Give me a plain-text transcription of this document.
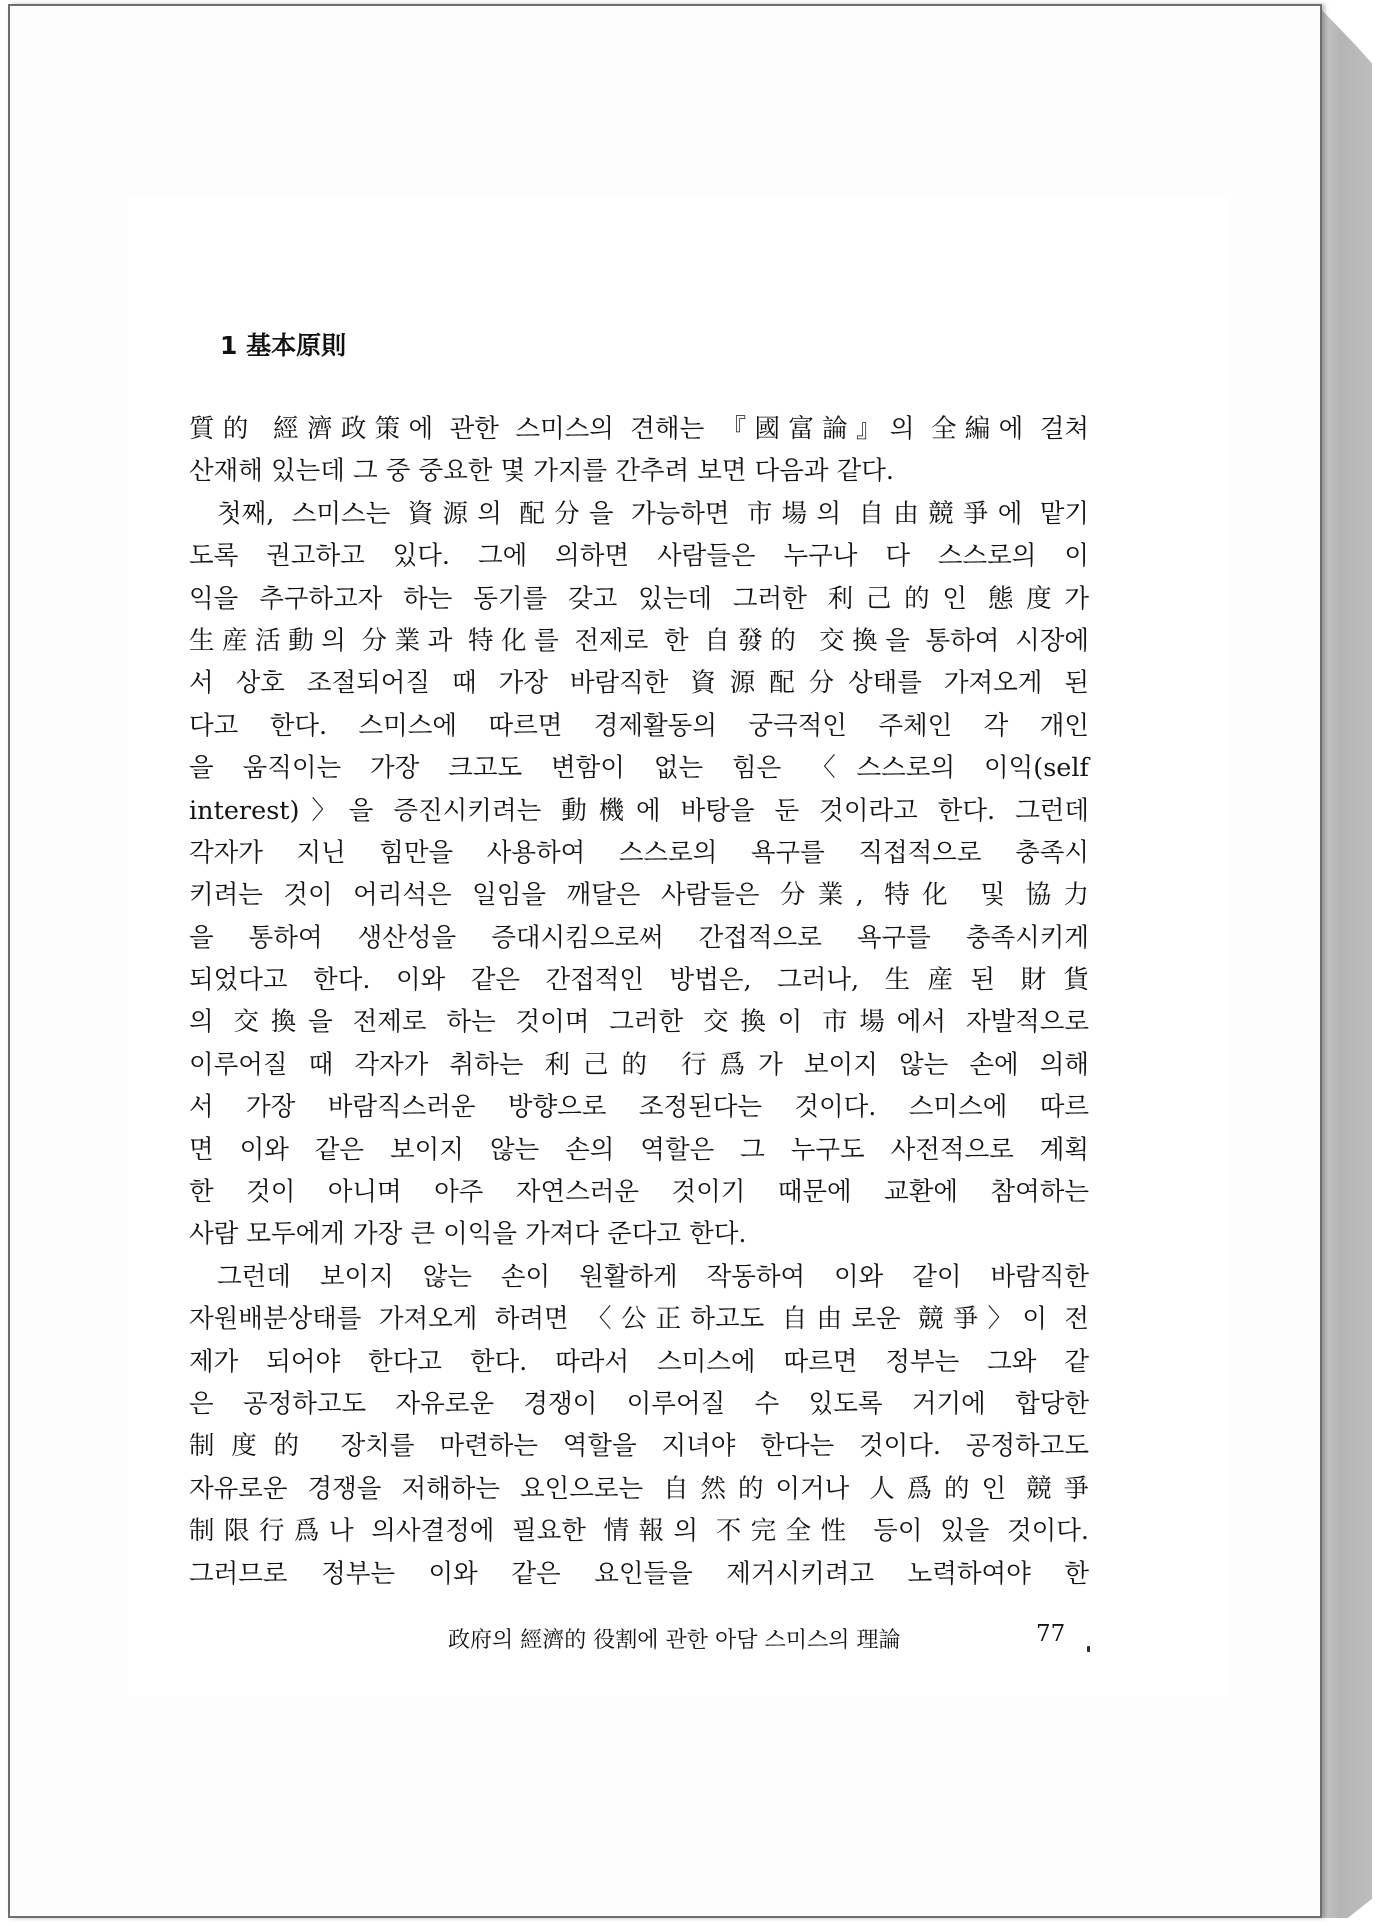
1 基本原則
質的 經濟政策에 관한 스미스의 견해는 『國富論』의 全編에 걸쳐
산재해 있는데 그 중 중요한 몇 가지를 간추려 보면 다음과 같다.
첫째, 스미스는 資源의 配分을 가능하면 市場의 自由競爭에 맡기
도록 권고하고 있다. 그에 의하면 사람들은 누구나 다 스스로의 이
익을 추구하고자 하는 동기를 갖고 있는데 그러한 利己的인 態度가
生産活動의 分業과 特化를 전제로 한 自發的 交換을 통하여 시장에
서 상호 조절되어질 때 가장 바람직한 資源配分상태를 가져오게 된
다고 한다. 스미스에 따르면 경제활동의 궁극적인 주체인 각 개인
을 움직이는 가장 크고도 변함이 없는 힘은 〈스스로의 이익(self
interest)〉을 증진시키려는 動機에 바탕을 둔 것이라고 한다. 그런데
각자가 지닌 힘만을 사용하여 스스로의 욕구를 직접적으로 충족시
키려는 것이 어리석은 일임을 깨달은 사람들은 分業, 特化 및 協力
을 통하여 생산성을 증대시킴으로써 간접적으로 욕구를 충족시키게
되었다고 한다. 이와 같은 간접적인 방법은, 그러나, 生産된 財貨
의 交換을 전제로 하는 것이며 그러한 交換이 市場에서 자발적으로
이루어질 때 각자가 취하는 利己的 行爲가 보이지 않는 손에 의해
서 가장 바람직스러운 방향으로 조정된다는 것이다. 스미스에 따르
면 이와 같은 보이지 않는 손의 역할은 그 누구도 사전적으로 계획
한 것이 아니며 아주 자연스러운 것이기 때문에 교환에 참여하는
사람 모두에게 가장 큰 이익을 가져다 준다고 한다.
그런데 보이지 않는 손이 원활하게 작동하여 이와 같이 바람직한
자원배분상태를 가져오게 하려면 〈公正하고도 自由로운 競爭〉이 전
제가 되어야 한다고 한다. 따라서 스미스에 따르면 정부는 그와 같
은 공정하고도 자유로운 경쟁이 이루어질 수 있도록 거기에 합당한
制度的 장치를 마련하는 역할을 지녀야 한다는 것이다. 공정하고도
자유로운 경쟁을 저해하는 요인으로는 自然的이거나 人爲的인 競爭
制限行爲나 의사결정에 필요한 情報의 不完全性 등이 있을 것이다.
그러므로 정부는 이와 같은 요인들을 제거시키려고 노력하여야 한

政府의 經濟的 役割에 관한 아담 스미스의 理論	77
